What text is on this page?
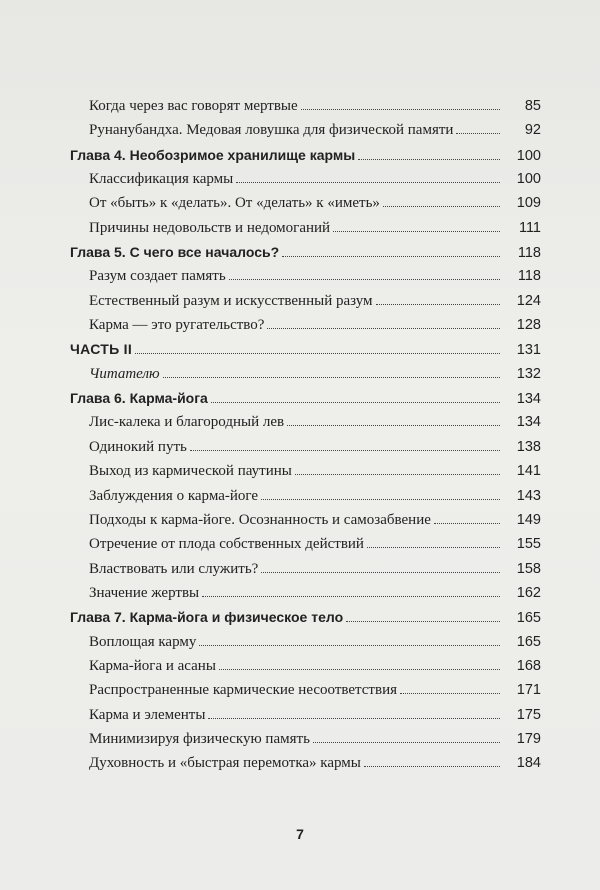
Когда через вас говорят мертвые	85
Рунанубандха. Медовая ловушка для физической памяти	92
Глава 4. Необозримое хранилище кармы	100
Классификация кармы	100
От «быть» к «делать». От «делать» к «иметь»	109
Причины недовольств и недомоганий	111
Глава 5. С чего все началось?	118
Разум создает память	118
Естественный разум и искусственный разум	124
Карма — это ругательство?	128
ЧАСТЬ II	131
Читателю	132
Глава 6. Карма-йога	134
Лис-калека и благородный лев	134
Одинокий путь	138
Выход из кармической паутины	141
Заблуждения о карма-йоге	143
Подходы к карма-йоге. Осознанность и самозабвение	149
Отречение от плода собственных действий	155
Властвовать или служить?	158
Значение жертвы	162
Глава 7. Карма-йога и физическое тело	165
Воплощая карму	165
Карма-йога и асаны	168
Распространенные кармические несоответствия	171
Карма и элементы	175
Минимизируя физическую память	179
Духовность и «быстрая перемотка» кармы	184
7
